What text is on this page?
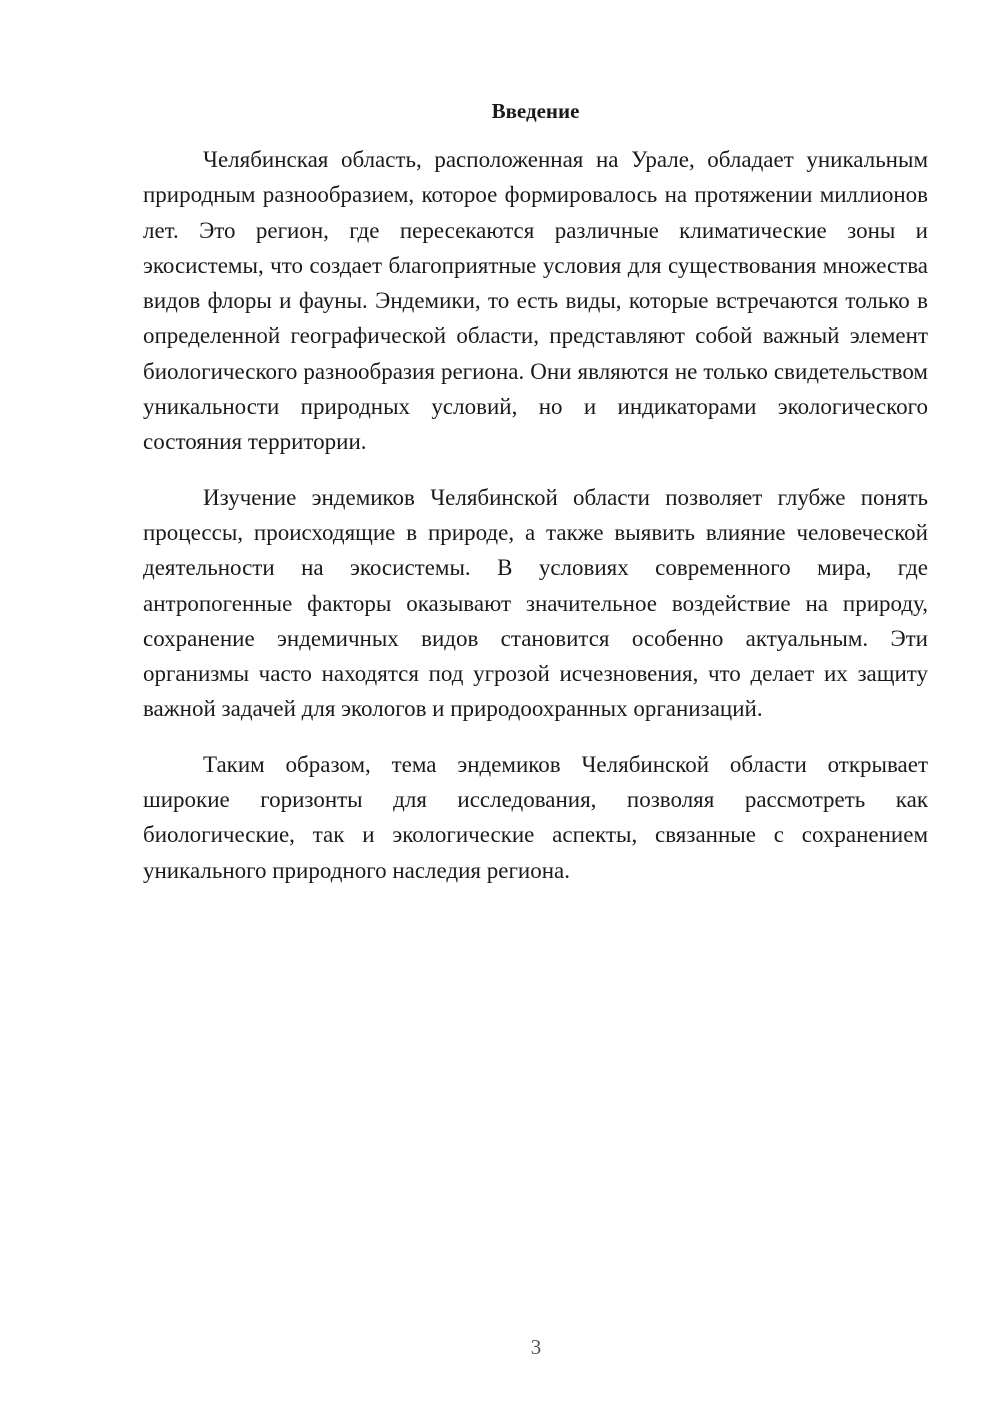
Введение

Челябинская область, расположенная на Урале, обладает уникальным природным разнообразием, которое формировалось на протяжении миллионов лет. Это регион, где пересекаются различные климатические зоны и экосистемы, что создает благоприятные условия для существования множества видов флоры и фауны. Эндемики, то есть виды, которые встречаются только в определенной географической области, представляют собой важный элемент биологического разнообразия региона. Они являются не только свидетельством уникальности природных условий, но и индикаторами экологического состояния территории.

Изучение эндемиков Челябинской области позволяет глубже понять процессы, происходящие в природе, а также выявить влияние человеческой деятельности на экосистемы. В условиях современного мира, где антропогенные факторы оказывают значительное воздействие на природу, сохранение эндемичных видов становится особенно актуальным. Эти организмы часто находятся под угрозой исчезновения, что делает их защиту важной задачей для экологов и природоохранных организаций.

Таким образом, тема эндемиков Челябинской области открывает широкие горизонты для исследования, позволяя рассмотреть как биологические, так и экологические аспекты, связанные с сохранением уникального природного наследия региона.

3
